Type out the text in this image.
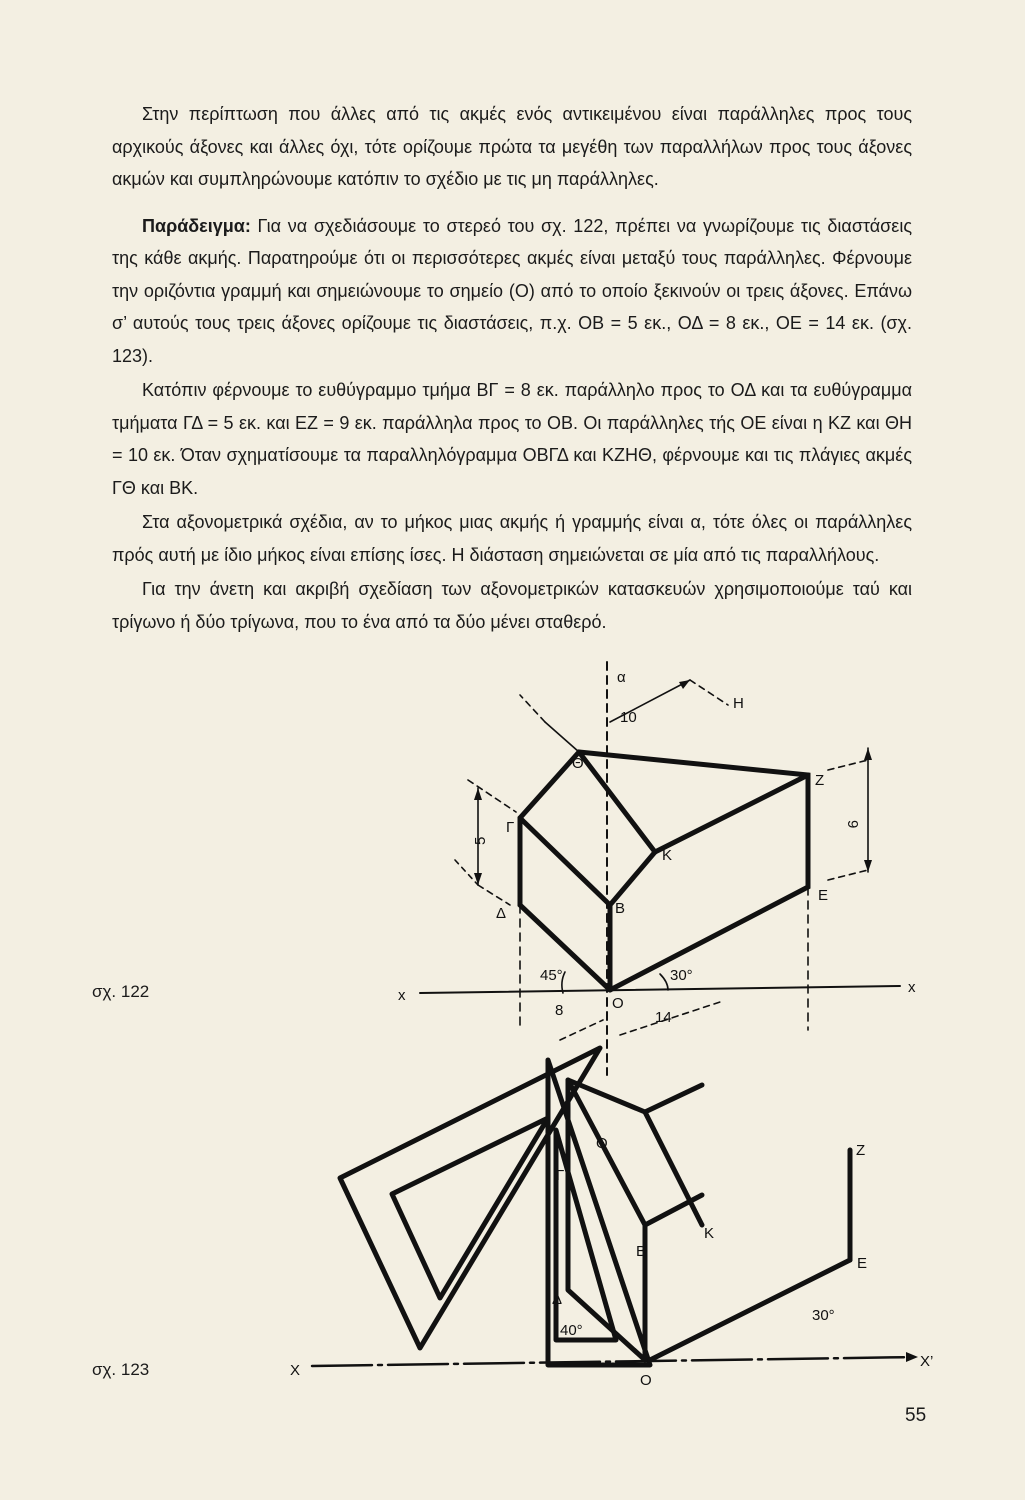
Στην περίπτωση που άλλες από τις ακμές ενός αντικειμένου είναι παράλληλες προς τους αρχικούς άξονες και άλλες όχι, τότε ορίζουμε πρώτα τα μεγέθη των παραλλήλων προς τους άξονες ακμών και συμπληρώνουμε κατόπιν το σχέδιο με τις μη παράλληλες.

Παράδειγμα: Για να σχεδιάσουμε το στερεό του σχ. 122, πρέπει να γνωρίζουμε τις διαστάσεις της κάθε ακμής. Παρατηρούμε ότι οι περισσότερες ακμές είναι μεταξύ τους παράλληλες. Φέρνουμε την οριζόντια γραμμή και σημειώνουμε το σημείο (Ο) από το οποίο ξεκινούν οι τρεις άξονες. Επάνω σ’ αυτούς τους τρεις άξονες ορίζουμε τις διαστάσεις, π.χ. ΟΒ = 5 εκ., ΟΔ = 8 εκ., ΟΕ = 14 εκ. (σχ. 123).

Κατόπιν φέρνουμε το ευθύγραμμο τμήμα ΒΓ = 8 εκ. παράλληλο προς το ΟΔ και τα ευθύγραμμα τμήματα ΓΔ = 5 εκ. και ΕΖ = 9 εκ. παράλληλα προς το ΟΒ. Οι παράλληλες τής ΟΕ είναι η ΚΖ και ΘΗ = 10 εκ. Όταν σχηματίσουμε τα παραλληλόγραμμα ΟΒΓΔ και ΚΖΗΘ, φέρνουμε και τις πλάγιες ακμές ΓΘ και ΒΚ.

Στα αξονομετρικά σχέδια, αν το μήκος μιας ακμής ή γραμμής είναι α, τότε όλες οι παράλληλες πρός αυτή με ίδιο μήκος είναι επίσης ίσες. Η διάσταση σημειώνεται σε μία από τις παραλλήλους.

Για την άνετη και ακριβή σχεδίαση των αξονομετρικών κατασκευών χρησιμοποιούμε ταύ και τρίγωνο ή δύο τρίγωνα, που το ένα από τα δύο μένει σταθερό.

σχ. 122
α
Η
Θ
Ζ
Γ
Κ
Β
Δ
Ε
Ο
x	x
10
5
9
8	14
45°	30°
σχ. 123
Θ	Z
Γ
K
B
E
Δ
Ο
X
X’
40°
30°
55
